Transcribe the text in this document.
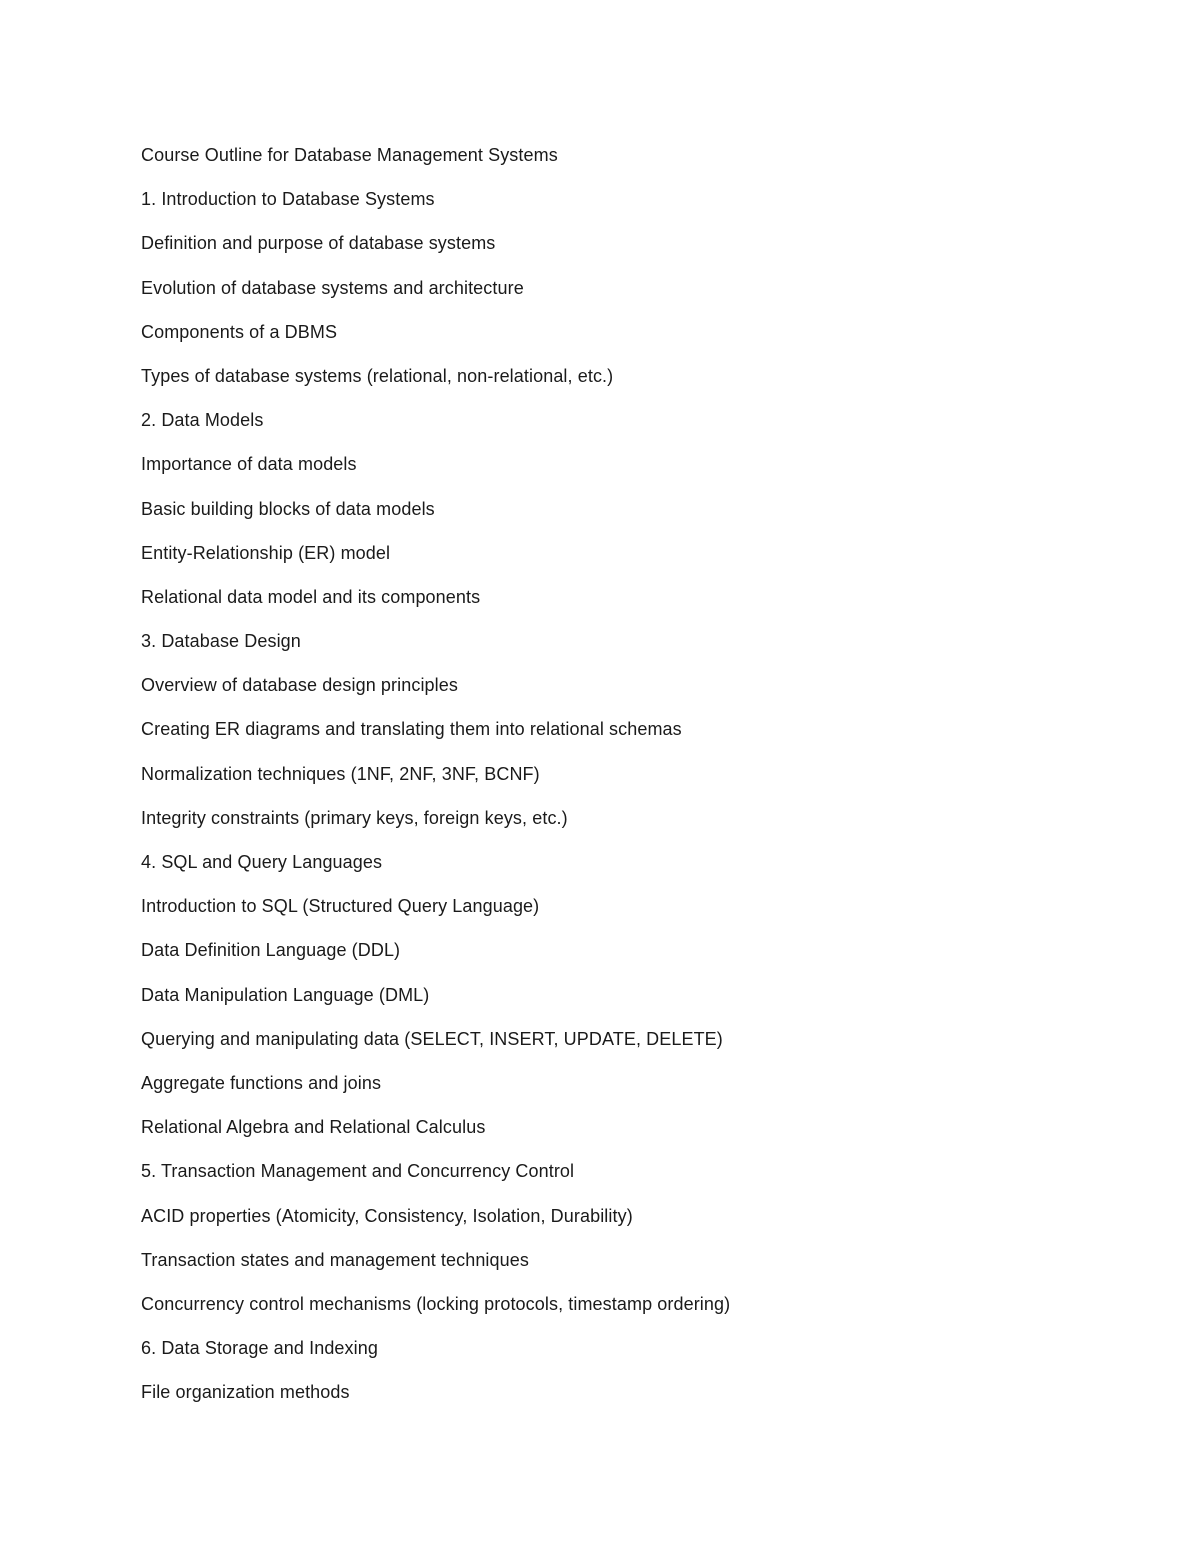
Course Outline for Database Management Systems
1. Introduction to Database Systems
Definition and purpose of database systems
Evolution of database systems and architecture
Components of a DBMS
Types of database systems (relational, non-relational, etc.)
2. Data Models
Importance of data models
Basic building blocks of data models
Entity-Relationship (ER) model
Relational data model and its components
3. Database Design
Overview of database design principles
Creating ER diagrams and translating them into relational schemas
Normalization techniques (1NF, 2NF, 3NF, BCNF)
Integrity constraints (primary keys, foreign keys, etc.)
4. SQL and Query Languages
Introduction to SQL (Structured Query Language)
Data Definition Language (DDL)
Data Manipulation Language (DML)
Querying and manipulating data (SELECT, INSERT, UPDATE, DELETE)
Aggregate functions and joins
Relational Algebra and Relational Calculus
5. Transaction Management and Concurrency Control
ACID properties (Atomicity, Consistency, Isolation, Durability)
Transaction states and management techniques
Concurrency control mechanisms (locking protocols, timestamp ordering)
6. Data Storage and Indexing
File organization methods
